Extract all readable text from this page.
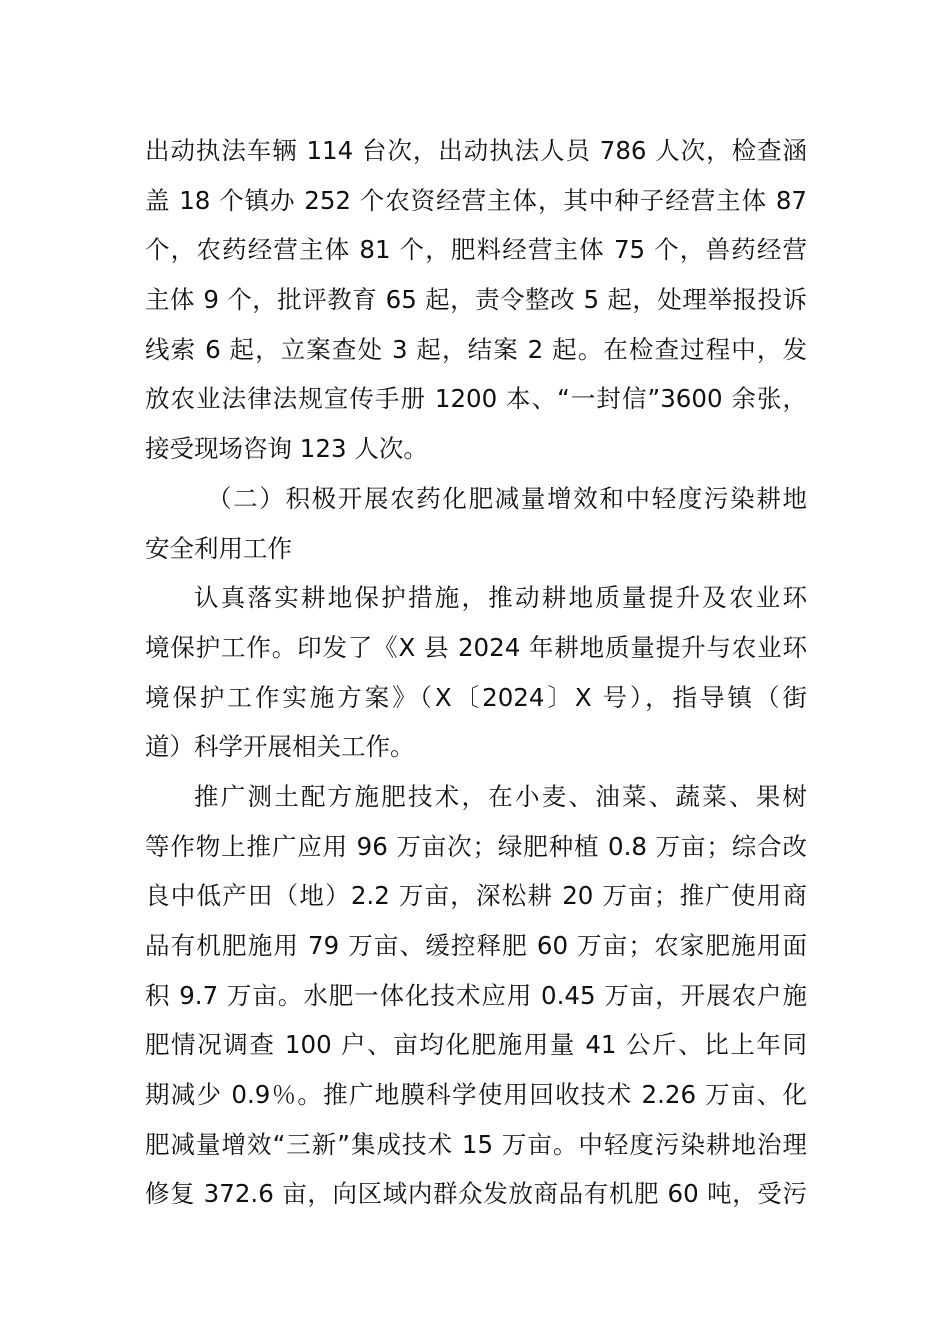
出动执法车辆 114 台次，出动执法人员 786 人次，检查涵
盖 18 个镇办 252 个农资经营主体，其中种子经营主体 87
个，农药经营主体 81 个，肥料经营主体 75 个，兽药经营
主体 9 个，批评教育 65 起，责令整改 5 起，处理举报投诉
线索 6 起，立案查处 3 起，结案 2 起。在检查过程中，发
放农业法律法规宣传手册 1200 本、“一封信”3600 余张，
接受现场咨询 123 人次。
（二）积极开展农药化肥减量增效和中轻度污染耕地
安全利用工作
认真落实耕地保护措施，推动耕地质量提升及农业环
境保护工作。印发了《X 县 2024 年耕地质量提升与农业环
境保护工作实施方案》（X〔2024〕X 号），指导镇（街
道）科学开展相关工作。
推广测土配方施肥技术，在小麦、油菜、蔬菜、果树
等作物上推广应用 96 万亩次；绿肥种植 0.8 万亩；综合改
良中低产田（地）2.2 万亩，深松耕 20 万亩；推广使用商
品有机肥施用 79 万亩、缓控释肥 60 万亩；农家肥施用面
积 9.7 万亩。水肥一体化技术应用 0.45 万亩，开展农户施
肥情况调查 100 户、亩均化肥施用量 41 公斤、比上年同
期减少 0.9％。推广地膜科学使用回收技术 2.26 万亩、化
肥减量增效“三新”集成技术 15 万亩。中轻度污染耕地治理
修复 372.6 亩，向区域内群众发放商品有机肥 60 吨，受污
